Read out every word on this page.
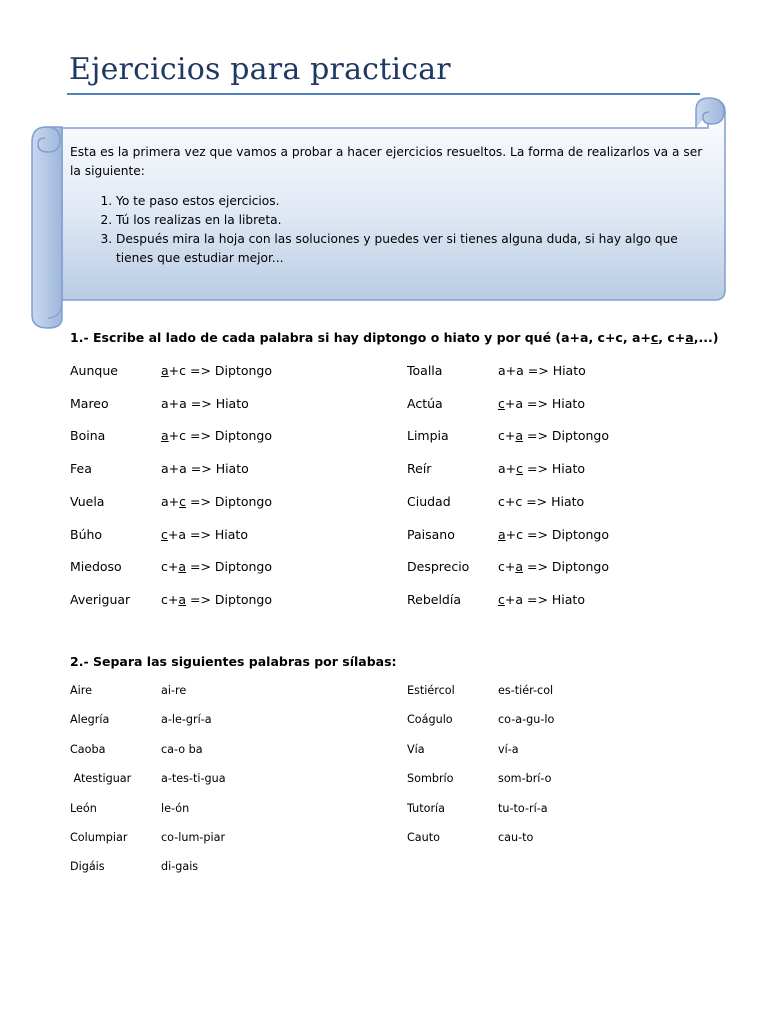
Ejercicios para practicar

Esta es la primera vez que vamos a probar a hacer ejercicios resueltos. La forma de realizarlos va a ser la siguiente:

1. Yo te paso estos ejercicios.
2. Tú los realizas en la libreta.
3. Después mira la hoja con las soluciones y puedes ver si tienes alguna duda, si hay algo que tienes que estudiar mejor...
1.- Escribe al lado de cada palabra si hay diptongo o hiato y por qué (a+a, c+c, a+c, c+a,...)
Aunque	a+c => Diptongo
Mareo	a+a => Hiato
Boina	a+c => Diptongo
Fea	a+a => Hiato
Vuela	a+c => Diptongo
Búho	c+a => Hiato
Miedoso	c+a => Diptongo
Averiguar c+a => Diptongo
Toalla	a+a => Hiato
Actúa	c+a => Hiato
Limpia	c+a => Diptongo
Reír	a+c => Hiato
Ciudad	c+c => Hiato
Paisano	a+c => Diptongo
Desprecio c+a => Diptongo
Rebeldía	c+a => Hiato
2.- Separa las siguientes palabras por sílabas:
Aire	ai-re
Alegría	a-le-grí-a
Caoba	ca-o ba
Atestiguar	a-tes-ti-gua
León	le-ón
Columpiar	co-lum-piar
Digáis	di-gais
Estiércol	es-tiér-col
Coágulo	co-a-gu-lo
Vía	ví-a
Sombrío	som-brí-o
Tutoría	tu-to-rí-a
Cauto	cau-to
